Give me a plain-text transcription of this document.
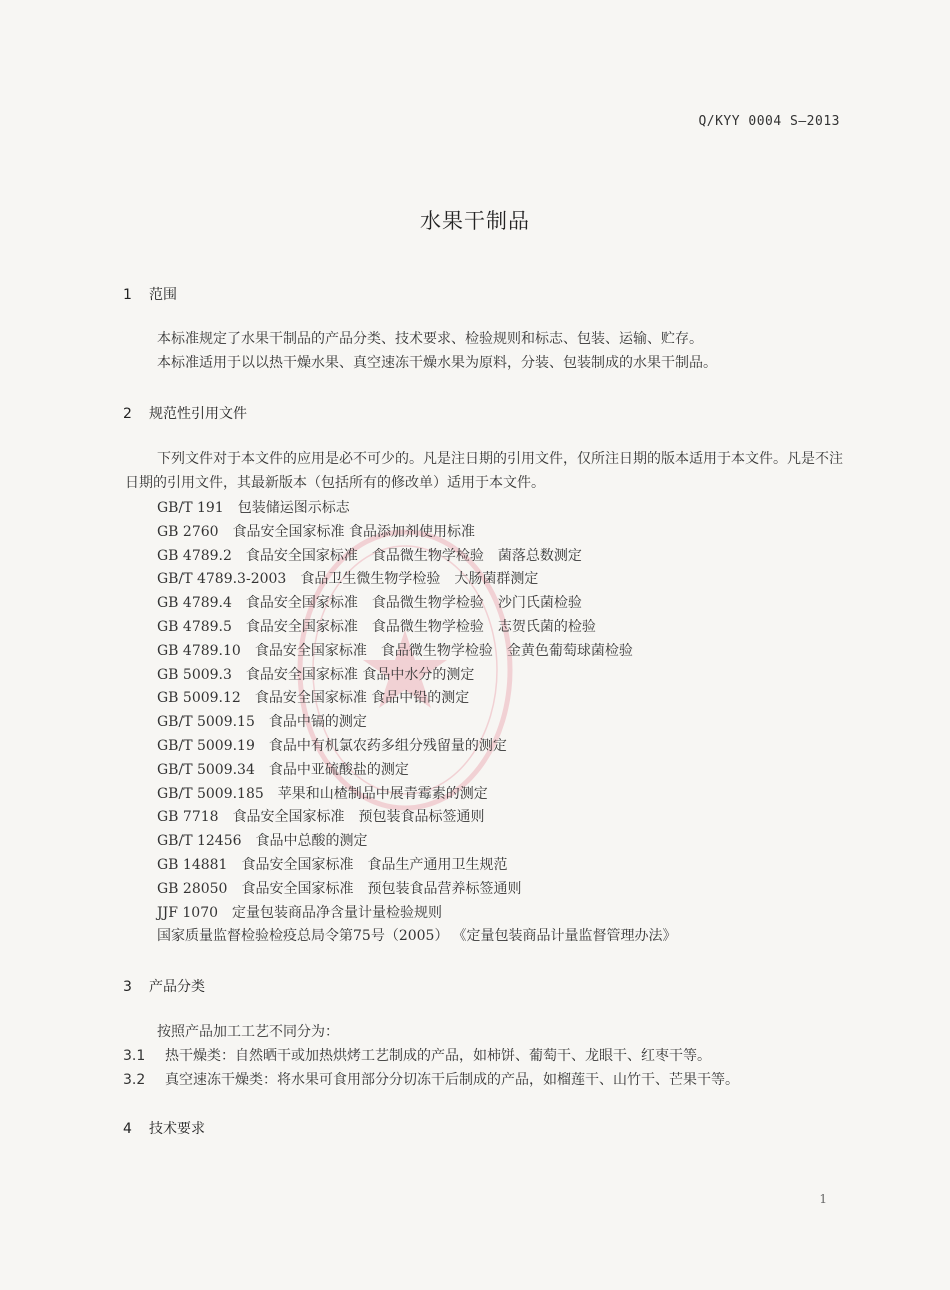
Q/KYY 0004 S—2013
水果干制品
1 范围
本标准规定了水果干制品的产品分类、技术要求、检验规则和标志、包装、运输、贮存。
本标准适用于以以热干燥水果、真空速冻干燥水果为原料，分装、包装制成的水果干制品。
2 规范性引用文件
下列文件对于本文件的应用是必不可少的。凡是注日期的引用文件，仅所注日期的版本适用于本文件。凡是不注日期的引用文件，其最新版本（包括所有的修改单）适用于本文件。
GB/T 191 包装储运图示标志
GB 2760 食品安全国家标准 食品添加剂使用标准
GB 4789.2 食品安全国家标准　食品微生物学检验　菌落总数测定
GB/T 4789.3-2003 食品卫生微生物学检验　大肠菌群测定
GB 4789.4 食品安全国家标准　食品微生物学检验　沙门氏菌检验
GB 4789.5 食品安全国家标准　食品微生物学检验　志贺氏菌的检验
GB 4789.10 食品安全国家标准　食品微生物学检验　金黄色葡萄球菌检验
GB 5009.3 食品安全国家标准 食品中水分的测定
GB 5009.12 食品安全国家标准 食品中铅的测定
GB/T 5009.15 食品中镉的测定
GB/T 5009.19 食品中有机氯农药多组分残留量的测定
GB/T 5009.34 食品中亚硫酸盐的测定
GB/T 5009.185 苹果和山楂制品中展青霉素的测定
GB 7718 食品安全国家标准　预包装食品标签通则
GB/T 12456 食品中总酸的测定
GB 14881 食品安全国家标准　食品生产通用卫生规范
GB 28050 食品安全国家标准　预包装食品营养标签通则
JJF 1070 定量包装商品净含量计量检验规则
国家质量监督检验检疫总局令第75号（2005） 《定量包装商品计量监督管理办法》
3 产品分类
按照产品加工工艺不同分为：
3.1 热干燥类：自然晒干或加热烘烤工艺制成的产品，如柿饼、葡萄干、龙眼干、红枣干等。
3.2 真空速冻干燥类：将水果可食用部分分切冻干后制成的产品，如榴莲干、山竹干、芒果干等。
4 技术要求
1
